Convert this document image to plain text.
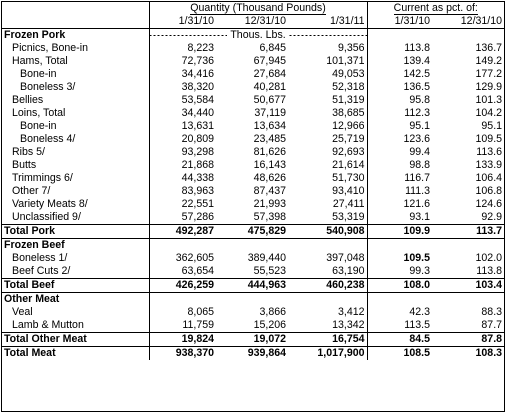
	Quantity (Thousand Pounds)			Current as pct. of:	
	1/31/10	12/31/10	1/31/11	1/31/10	12/31/10
Frozen Pork	Thous. Lbs.				
Picnics, Bone-in	8,223	6,845	9,356	113.8	136.7
Hams, Total	72,736	67,945	101,371	139.4	149.2
Bone-in	34,416	27,684	49,053	142.5	177.2
Boneless 3/	38,320	40,281	52,318	136.5	129.9
Bellies	53,584	50,677	51,319	95.8	101.3
Loins, Total	34,440	37,119	38,685	112.3	104.2
Bone-in	13,631	13,634	12,966	95.1	95.1
Boneless 4/	20,809	23,485	25,719	123.6	109.5
Ribs 5/	93,298	81,626	92,693	99.4	113.6
Butts	21,868	16,143	21,614	98.8	133.9
Trimmings 6/	44,338	48,626	51,730	116.7	106.4
Other 7/	83,963	87,437	93,410	111.3	106.8
Variety Meats 8/	22,551	21,993	27,411	121.6	124.6
Unclassified 9/	57,286	57,398	53,319	93.1	92.9
Total Pork	492,287	475,829	540,908	109.9	113.7
Frozen Beef					
Boneless 1/	362,605	389,440	397,048	109.5	102.0
Beef Cuts 2/	63,654	55,523	63,190	99.3	113.8
Total Beef	426,259	444,963	460,238	108.0	103.4
Other Meat					
Veal	8,065	3,866	3,412	42.3	88.3
Lamb & Mutton	11,759	15,206	13,342	113.5	87.7
Total Other Meat	19,824	19,072	16,754	84.5	87.8
Total Meat	938,370	939,864	1,017,900	108.5	108.3
